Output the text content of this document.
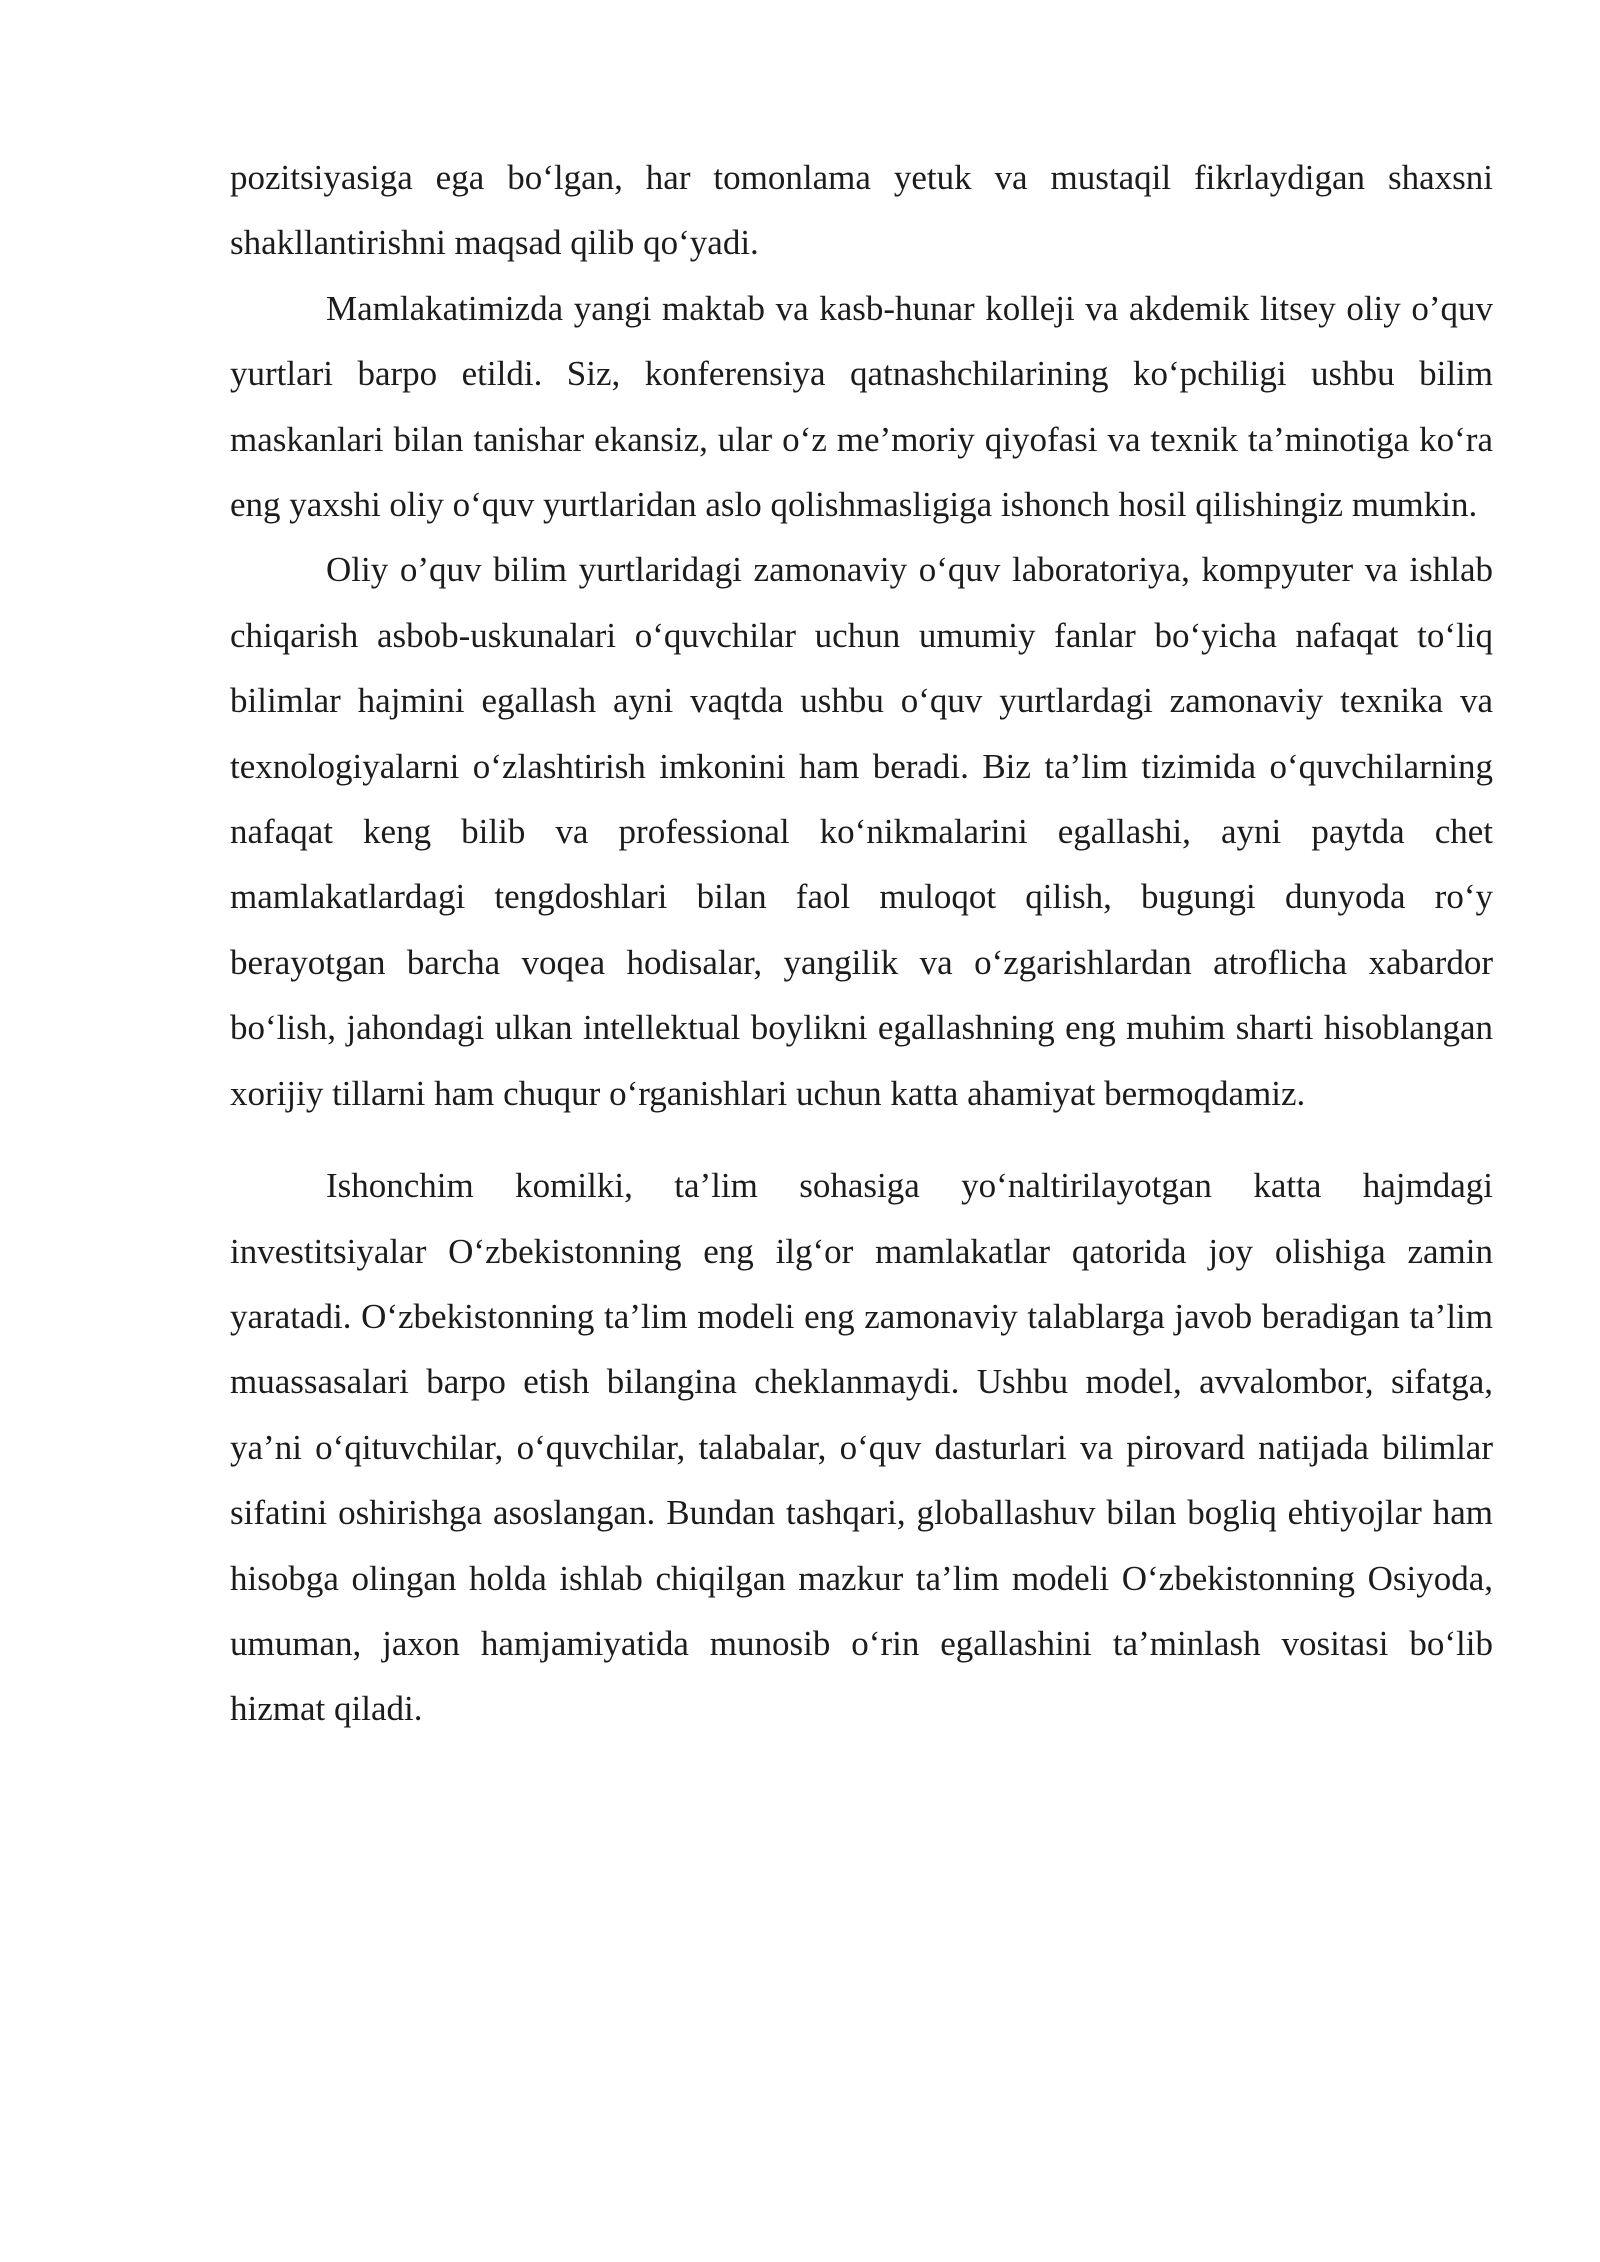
pozitsiyasiga ega bo‘lgan, har tomonlama yetuk va mustaqil fikrlaydigan shaxsni shakllantirishni maqsad qilib qo‘yadi.

Mamlakatimizda yangi maktab va kasb-hunar kolleji va akdemik litsey oliy o’quv yurtlari barpo etildi. Siz, konferensiya qatnashchilarining ko‘pchiligi ushbu bilim maskanlari bilan tanishar ekansiz, ular o‘z me’moriy qiyofasi va texnik ta’minotiga ko‘ra eng yaxshi oliy o‘quv yurtlaridan aslo qolishmasligiga ishonch hosil qilishingiz mumkin.

Oliy o’quv bilim yurtlaridagi zamonaviy o‘quv laboratoriya, kompyuter va ishlab chiqarish asbob-uskunalari o‘quvchilar uchun umumiy fanlar bo‘yicha nafaqat to‘liq bilimlar hajmini egallash ayni vaqtda ushbu o‘quv yurtlardagi zamonaviy texnika va texnologiyalarni o‘zlashtirish imkonini ham beradi. Biz ta’lim tizimida o‘quvchilarning nafaqat keng bilib va professional ko‘nikmalarini egallashi, ayni paytda chet mamlakatlardagi tengdoshlari bilan faol muloqot qilish, bugungi dunyoda ro‘y berayotgan barcha voqea hodisalar, yangilik va o‘zgarishlardan atroflicha xabardor bo‘lish, jahondagi ulkan intellektual boylikni egallashning eng muhim sharti hisoblangan xorijiy tillarni ham chuqur o‘rganishlari uchun katta ahamiyat bermoqdamiz.

Ishonchim komilki, ta’lim sohasiga yo‘naltirilayotgan katta hajmdagi investitsiyalar O‘zbekistonning eng ilg‘or mamlakatlar qatorida joy olishiga zamin yaratadi. O‘zbekistonning ta’lim modeli eng zamonaviy talablarga javob beradigan ta’lim muassasalari barpo etish bilangina cheklanmaydi. Ushbu model, avvalombor, sifatga, ya’ni o‘qituvchilar, o‘quvchilar, talabalar, o‘quv dasturlari va pirovard natijada bilimlar sifatini oshirishga asoslangan. Bundan tashqari, globallashuv bilan bogliq ehtiyojlar ham hisobga olingan holda ishlab chiqilgan mazkur ta’lim modeli O‘zbekistonning Osiyoda, umuman, jaxon hamjamiyatida munosib o‘rin egallashini ta’minlash vositasi bo‘lib hizmat qiladi.
